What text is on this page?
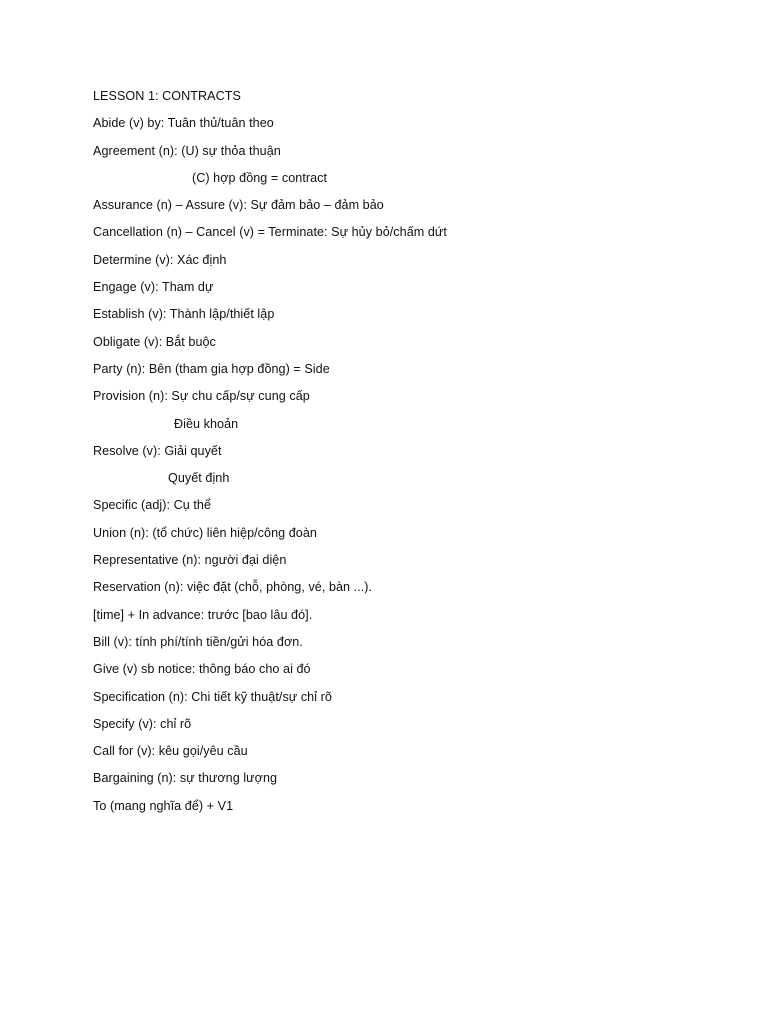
LESSON 1: CONTRACTS
Abide (v) by: Tuân thủ/tuân theo
Agreement (n): (U) sự thỏa thuận
(C) hợp đồng = contract
Assurance (n) – Assure (v): Sự đảm bảo – đảm bảo
Cancellation (n) – Cancel (v) = Terminate: Sự hủy bỏ/chấm dứt
Determine (v): Xác định
Engage (v): Tham dự
Establish (v): Thành lập/thiết lập
Obligate (v): Bắt buộc
Party (n): Bên (tham gia hợp đồng) = Side
Provision (n): Sự chu cấp/sự cung cấp
Điều khoản
Resolve (v): Giải quyết
Quyết định
Specific (adj): Cụ thể
Union (n): (tổ chức) liên hiệp/công đoàn
Representative (n): người đại diện
Reservation (n): việc đặt (chỗ, phòng, vé, bàn ...).
[time] + In advance: trước [bao lâu đó].
Bill (v): tính phí/tính tiền/gửi hóa đơn.
Give (v) sb notice: thông báo cho ai đó
Specification (n): Chi tiết kỹ thuật/sự chỉ rõ
Specify (v): chỉ rõ
Call for (v): kêu gọi/yêu cầu
Bargaining (n): sự thương lượng
To (mang nghĩa để) + V1
